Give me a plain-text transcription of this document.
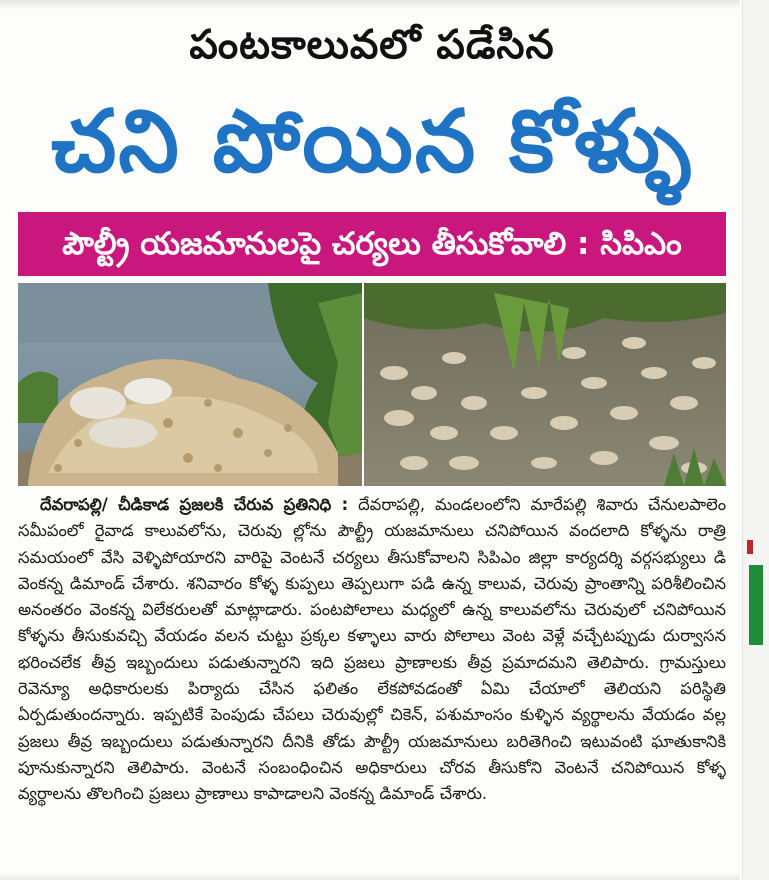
పంటకాలువలో పడేసిన
చని పోయిన కోళ్ళు
పౌల్ట్రీ యజమానులపై చర్యలు తీసుకోవాలి : సిపిఎం

దేవరాపల్లి/ చీడికాడ ప్రజలకి చేరువ ప్రతినిధి : దేవరాపల్లి, మండలంలోని మారేపల్లి శివారు చేనులపాలెం సమీపంలో రైవాడ కాలువలోను, చెరువు ల్లోను పౌల్ట్రీ యజమానులు చనిపోయిన వందలాది కోళ్ళను రాత్రి సమయంలో వేసి వెళ్ళిపోయారని వారిపై వెంటనే చర్యలు తీసుకోవాలని సిపిఎం జిల్లా కార్యదర్శి వర్గసభ్యులు డి వెంకన్న డిమాండ్ చేశారు. శనివారం కోళ్ళ కుప్పలు తెప్పలుగా పడి ఉన్న కాలువ, చెరువు ప్రాంతాన్ని పరిశీలించిన అనంతరం వెంకన్న విలేకరులతో మాట్లాడారు. పంటపోలాలు మధ్యలో ఉన్న కాలువలోను చెరువులో చనిపోయిన కోళ్ళను తీసుకువచ్చి వేయడం వలన చుట్టు ప్రక్కల కళ్ళాలు వారు పోలాలు వెంట వెళ్లే వచ్చేటప్పుడు దుర్వాసన భరించలేక తీవ్ర ఇబ్బందులు పడుతున్నారని ఇది ప్రజలు ప్రాణాలకు తీవ్ర ప్రమాదమని తెలిపారు. గ్రామస్తులు రెవెన్యూ అధికారులకు పిర్యాదు చేసిన ఫలితం లేకపోవడంతో ఏమి చేయాలో తెలియని పరిస్థితి ఏర్పడుతుందన్నారు. ఇప్పటికే పెంపుడు చేపలు చెరువుల్లో చికెన్, పశుమాంసం కుళ్ళిన వ్యర్థాలను వేయడం వల్ల ప్రజలు తీవ్ర ఇబ్బందులు పడుతున్నారని దీనికి తోడు పౌల్ట్రీ యజమానులు బరితెగించి ఇటువంటి ఘాతుకానికి పూనుకున్నారని తెలిపారు. వెంటనే సంబంధించిన అధికారులు చోరవ తీసుకోని వెంటనే చనిపోయిన కోళ్ళ వ్యర్థాలను తొలగించి ప్రజలు ప్రాణాలు కాపాడాలని వెంకన్న డిమాండ్ చేశారు.
